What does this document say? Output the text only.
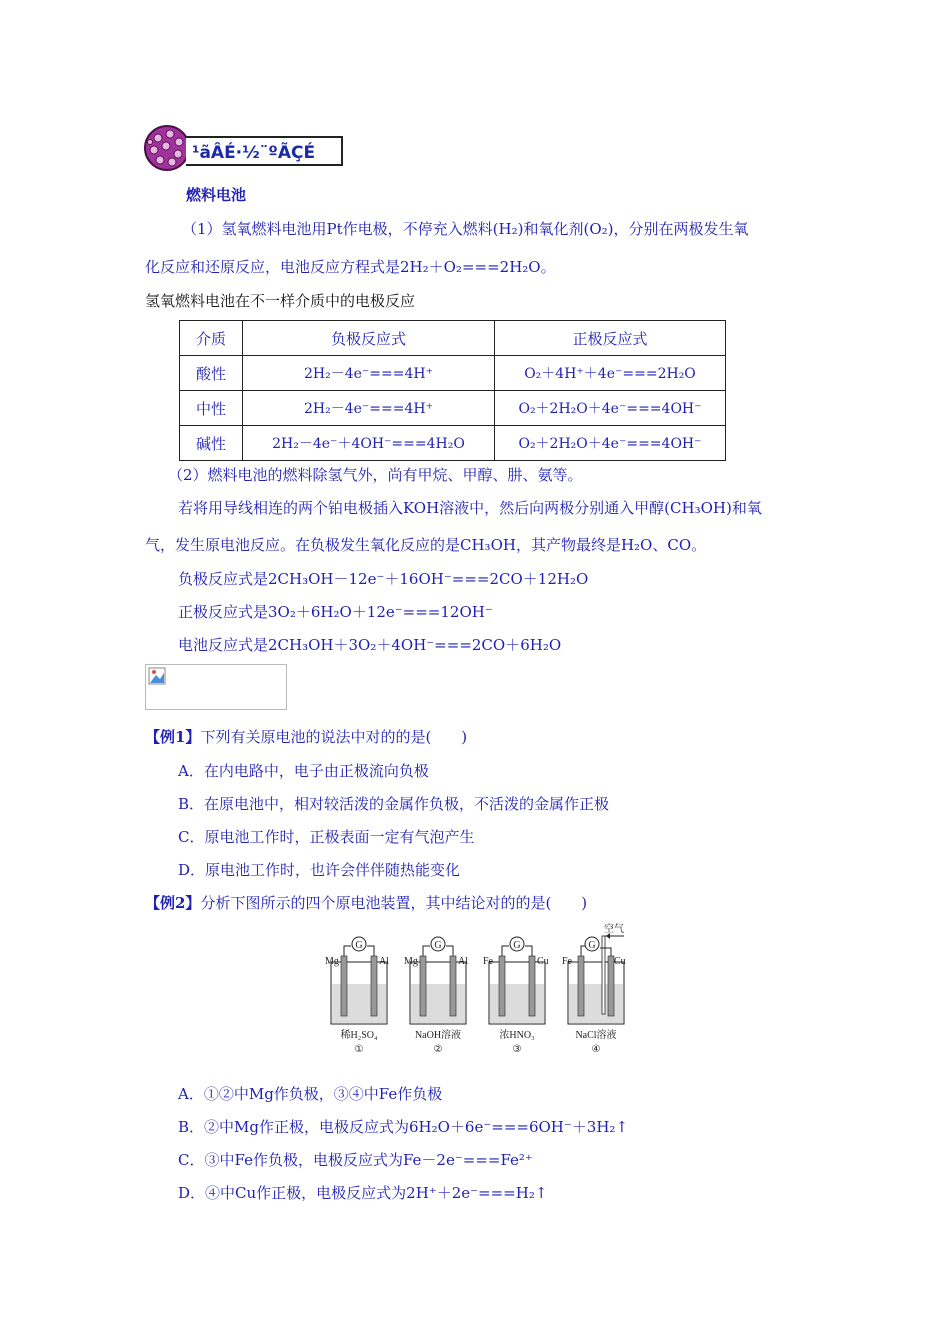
¹ãÂÉ·½¨ºÃÇÉ
燃料电池
（1）氢氧燃料电池用Pt作电极，不停充入燃料(H₂)和氧化剂(O₂)，分别在两极发生氧
化反应和还原反应，电池反应方程式是2H₂＋O₂===2H₂O。
氢氧燃料电池在不一样介质中的电极反应
介质	负极反应式	正极反应式
酸性	2H₂－4e⁻===4H⁺	O₂＋4H⁺＋4e⁻===2H₂O
中性	2H₂－4e⁻===4H⁺	O₂＋2H₂O＋4e⁻===4OH⁻
碱性	2H₂－4e⁻＋4OH⁻===4H₂O	O₂＋2H₂O＋4e⁻===4OH⁻
（2）燃料电池的燃料除氢气外，尚有甲烷、甲醇、肼、氨等。
若将用导线相连的两个铂电极插入KOH溶液中，然后向两极分别通入甲醇(CH₃OH)和氧
气，发生原电池反应。在负极发生氧化反应的是CH₃OH，其产物最终是H₂O、CO。
负极反应式是2CH₃OH－12e⁻＋16OH⁻===2CO＋12H₂O
正极反应式是3O₂＋6H₂O＋12e⁻===12OH⁻
电池反应式是2CH₃OH＋3O₂＋4OH⁻===2CO＋6H₂O
【例1】下列有关原电池的说法中对的的是(　　)
A．在内电路中，电子由正极流向负极
B．在原电池中，相对较活泼的金属作负极，不活泼的金属作正极
C．原电池工作时，正极表面一定有气泡产生
D．原电池工作时，也许会伴伴随热能变化
【例2】分析下图所示的四个原电池装置，其中结论对的的是(　　)
G
Mg	Al
稀H₂SO₄
①
G
Mg	Al
NaOH溶液
②
G
Fe	Cu
浓HNO₃
③
G
空气
Fe	Cu
NaCl溶液
④
A．①②中Mg作负极，③④中Fe作负极
B．②中Mg作正极，电极反应式为6H₂O＋6e⁻===6OH⁻＋3H₂↑
C．③中Fe作负极，电极反应式为Fe－2e⁻===Fe²⁺
D．④中Cu作正极，电极反应式为2H⁺＋2e⁻===H₂↑
